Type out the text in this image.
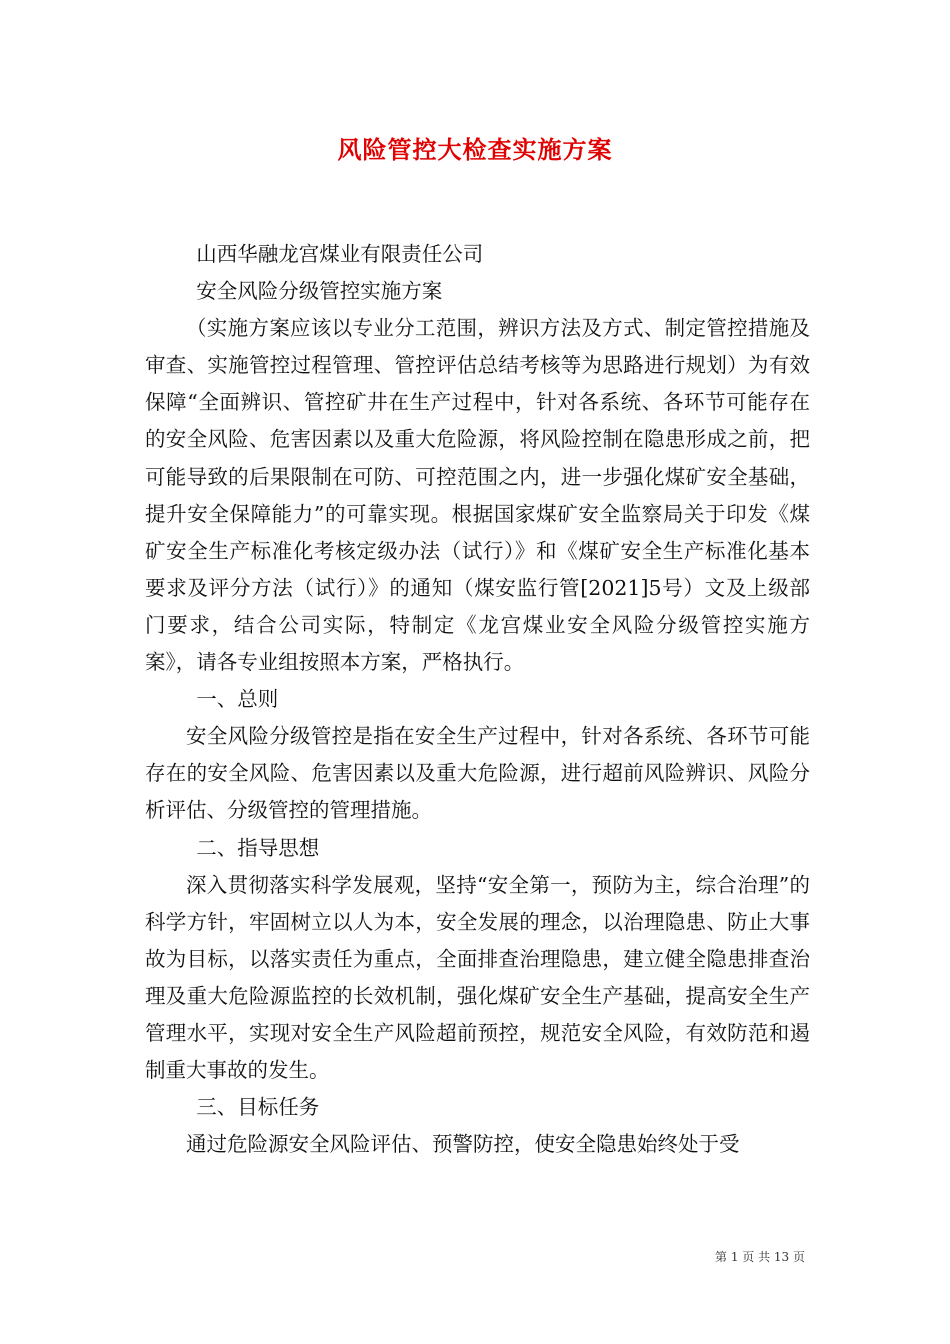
风险管控大检查实施方案

山西华融龙宫煤业有限责任公司

安全风险分级管控实施方案

（实施方案应该以专业分工范围，辨识方法及方式、制定管控措施及审查、实施管控过程管理、管控评估总结考核等为思路进行规划）为有效保障“全面辨识、管控矿井在生产过程中，针对各系统、各环节可能存在的安全风险、危害因素以及重大危险源，将风险控制在隐患形成之前，把可能导致的后果限制在可防、可控范围之内，进一步强化煤矿安全基础，提升安全保障能力”的可靠实现。根据国家煤矿安全监察局关于印发《煤矿安全生产标准化考核定级办法（试行）》和《煤矿安全生产标准化基本要求及评分方法（试行）》的通知（煤安监行管[2021]5号）文及上级部门要求，结合公司实际，特制定《龙宫煤业安全风险分级管控实施方案》，请各专业组按照本方案，严格执行。

一、总则

安全风险分级管控是指在安全生产过程中，针对各系统、各环节可能存在的安全风险、危害因素以及重大危险源，进行超前风险辨识、风险分析评估、分级管控的管理措施。

二、指导思想

深入贯彻落实科学发展观，坚持“安全第一，预防为主，综合治理”的科学方针，牢固树立以人为本，安全发展的理念，以治理隐患、防止大事故为目标，以落实责任为重点，全面排查治理隐患，建立健全隐患排查治理及重大危险源监控的长效机制，强化煤矿安全生产基础，提高安全生产管理水平，实现对安全生产风险超前预控，规范安全风险，有效防范和遏制重大事故的发生。

三、目标任务

通过危险源安全风险评估、预警防控，使安全隐患始终处于受

第 1 页 共 13 页
